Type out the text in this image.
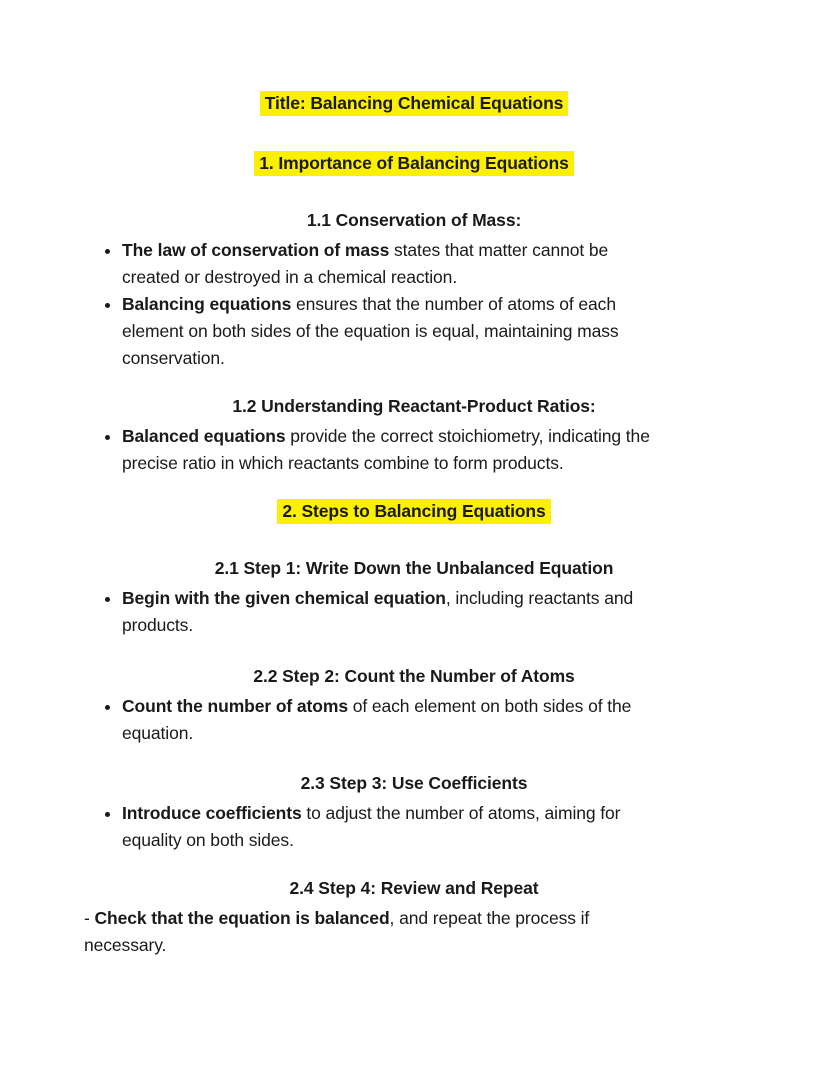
Title: Balancing Chemical Equations

1. Importance of Balancing Equations

1.1 Conservation of Mass:

• The law of conservation of mass states that matter cannot be
created or destroyed in a chemical reaction.
• Balancing equations ensures that the number of atoms of each
element on both sides of the equation is equal, maintaining mass
conservation.

1.2 Understanding Reactant-Product Ratios:

• Balanced equations provide the correct stoichiometry, indicating the
precise ratio in which reactants combine to form products.

2. Steps to Balancing Equations

2.1 Step 1: Write Down the Unbalanced Equation

• Begin with the given chemical equation, including reactants and
products.

2.2 Step 2: Count the Number of Atoms

• Count the number of atoms of each element on both sides of the
equation.

2.3 Step 3: Use Coefficients

• Introduce coefficients to adjust the number of atoms, aiming for
equality on both sides.

2.4 Step 4: Review and Repeat

- Check that the equation is balanced, and repeat the process if
necessary.
